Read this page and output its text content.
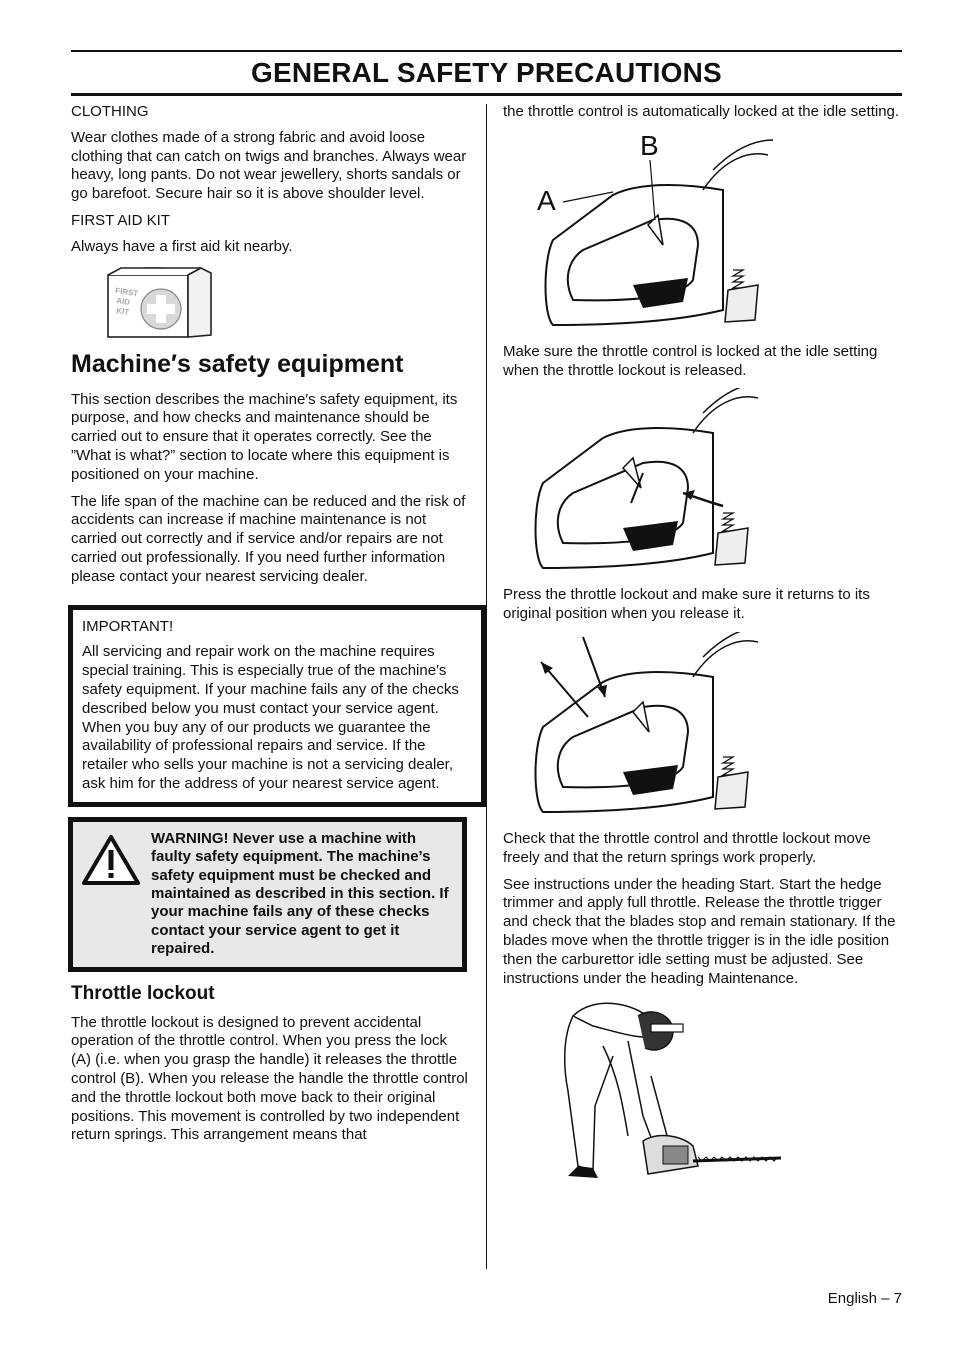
GENERAL SAFETY PRECAUTIONS

CLOTHING

Wear clothes made of a strong fabric and avoid loose clothing that can catch on twigs and branches. Always wear heavy, long pants. Do not wear jewellery, shorts sandals or go barefoot. Secure hair so it is above shoulder level.

FIRST AID KIT

Always have a first aid kit nearby.

FIRST
AID
KIT
Machine′s safety equipment

This section describes the machine′s safety equipment, its purpose, and how checks and maintenance should be carried out to ensure that it operates correctly. See the ”What is what?” section to locate where this equipment is positioned on your machine.

The life span of the machine can be reduced and the risk of accidents can increase if machine maintenance is not carried out correctly and if service and/or repairs are not carried out professionally. If you need further information please contact your nearest servicing dealer.

IMPORTANT!

All servicing and repair work on the machine requires special training. This is especially true of the machine′s safety equipment. If your machine fails any of the checks described below you must contact your service agent. When you buy any of our products we guarantee the availability of professional repairs and service. If the retailer who sells your machine is not a servicing dealer, ask him for the address of your nearest service agent.

WARNING! Never use a machine with faulty safety equipment. The machine’s safety equipment must be checked and maintained as described in this section. If your machine fails any of these checks contact your service agent to get it repaired.
Throttle lockout

The throttle lockout is designed to prevent accidental operation of the throttle control. When you press the lock (A) (i.e. when you grasp the handle) it releases the throttle control (B). When you release the handle the throttle control and the throttle lockout both move back to their original positions. This movement is controlled by two independent return springs. This arrangement means that

the throttle control is automatically locked at the idle setting.

B
A

Make sure the throttle control is locked at the idle setting when the throttle lockout is released.

Press the throttle lockout and make sure it returns to its original position when you release it.

Check that the throttle control and throttle lockout move freely and that the return springs work properly.

See instructions under the heading Start. Start the hedge trimmer and apply full throttle. Release the throttle trigger and check that the blades stop and remain stationary. If the blades move when the throttle trigger is in the idle position then the carburettor idle setting must be adjusted. See instructions under the heading Maintenance.

English – 7
